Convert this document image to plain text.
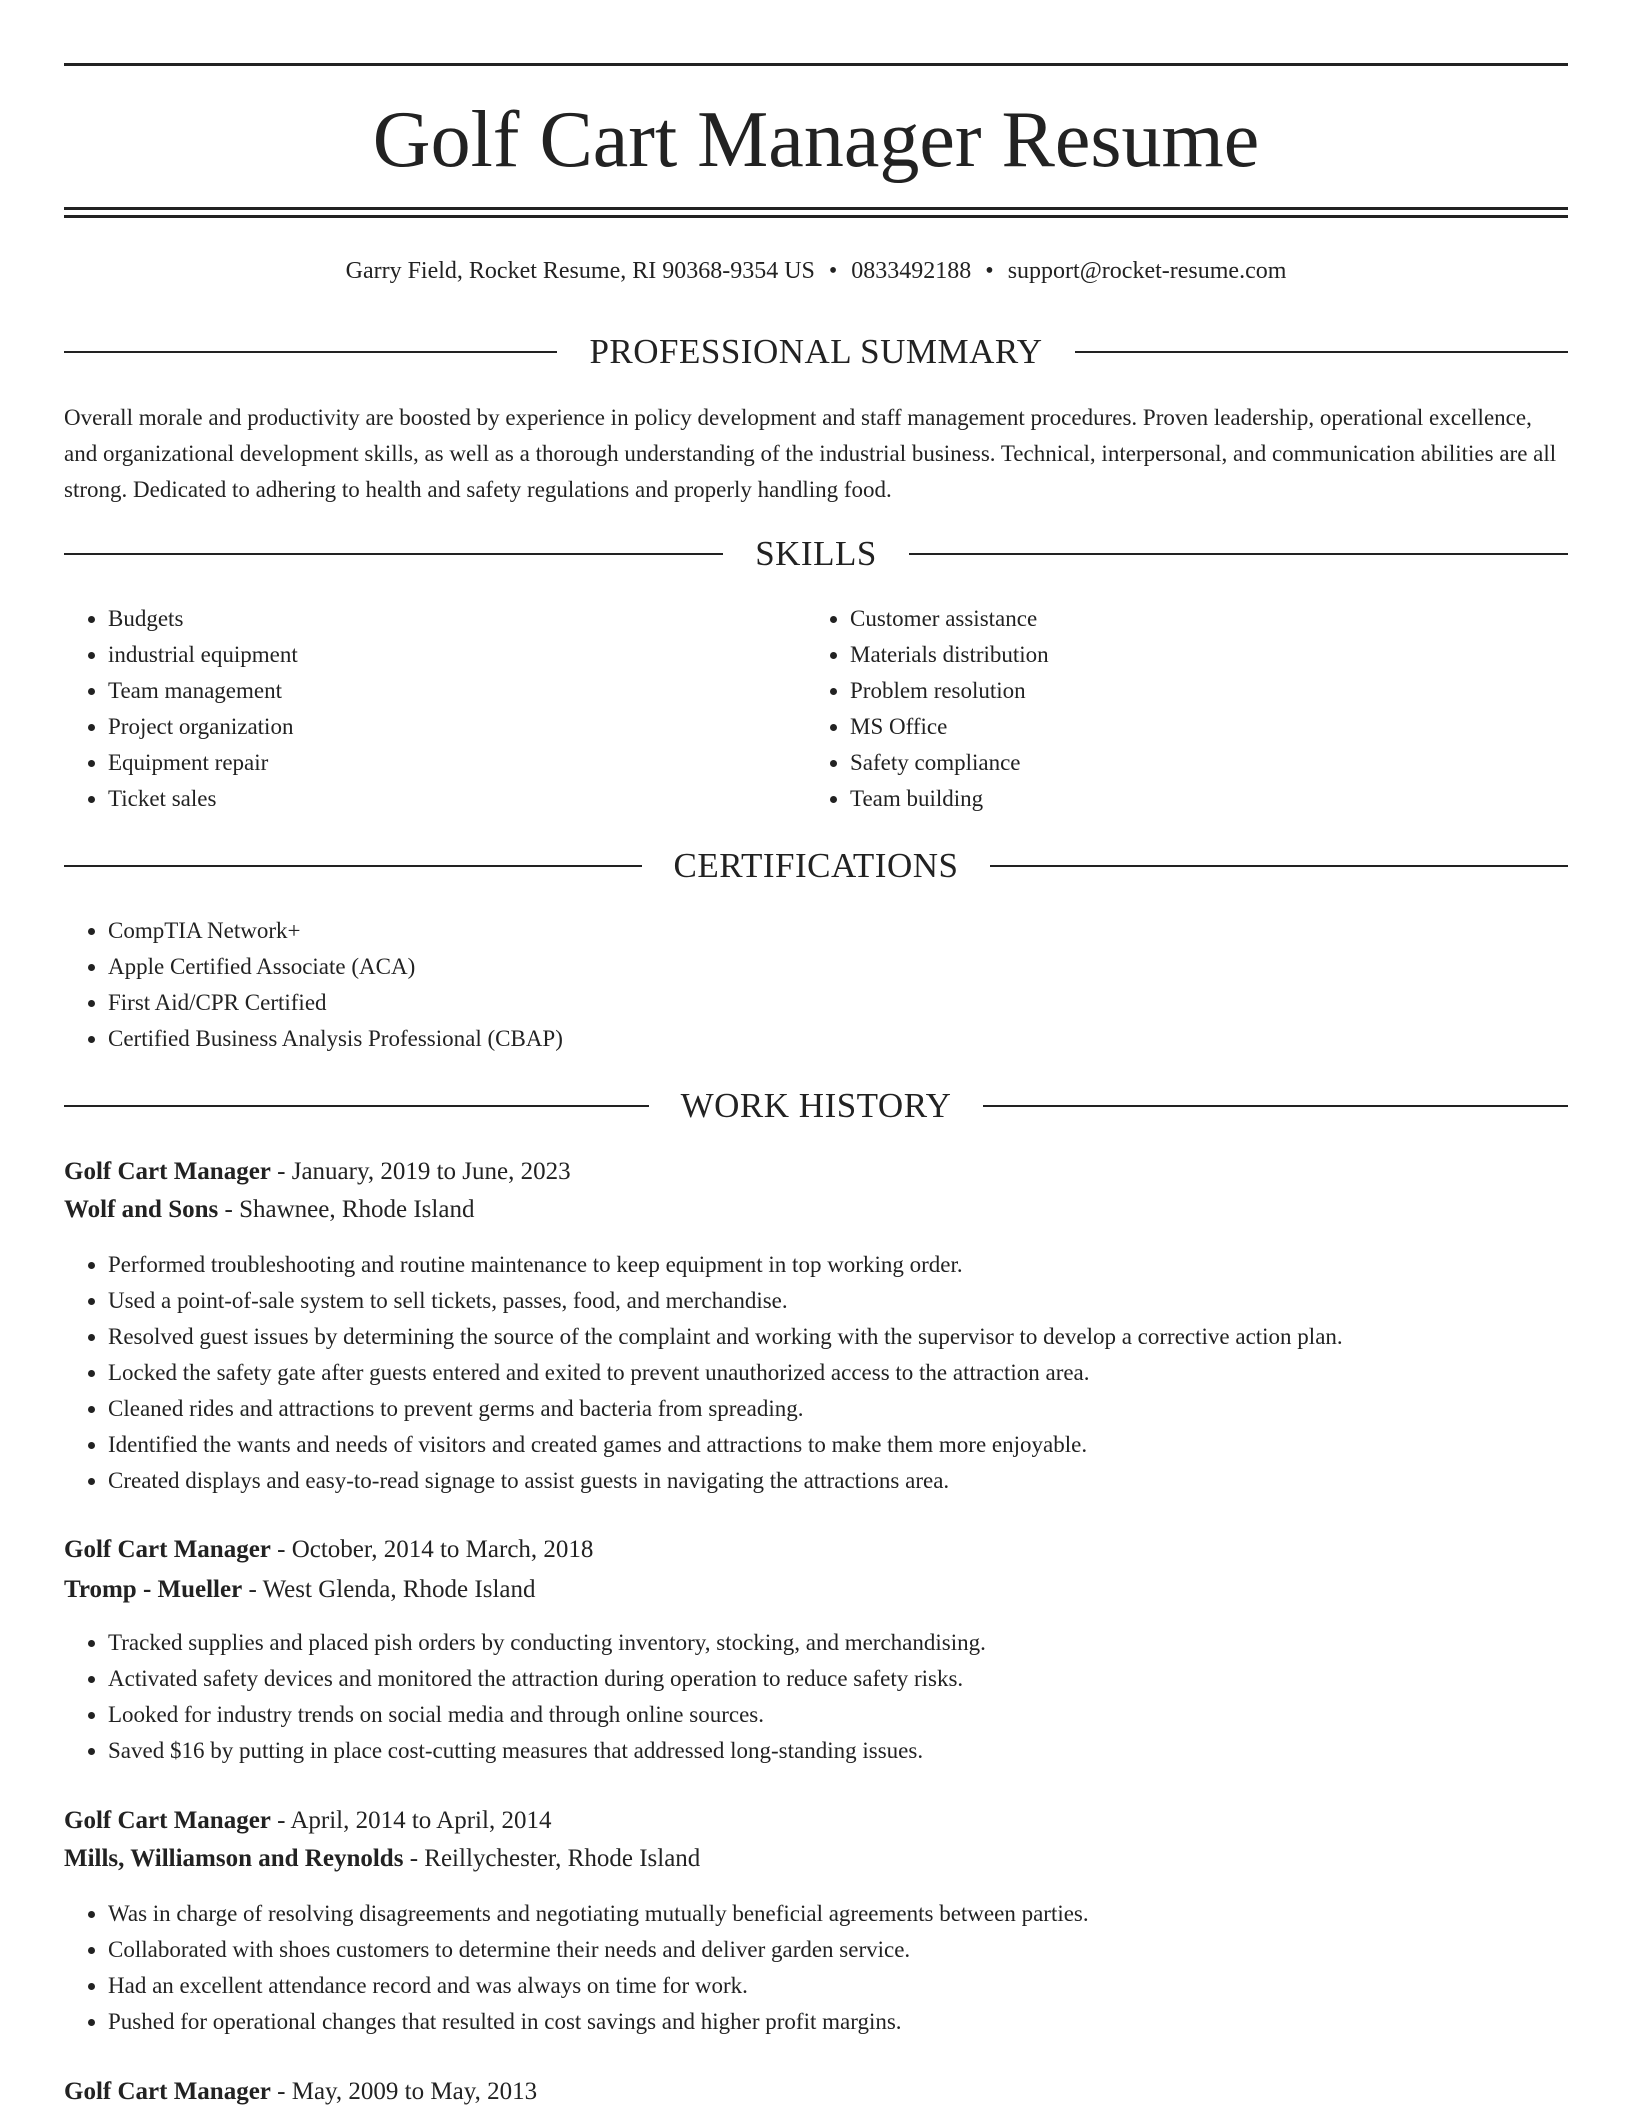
Golf Cart Manager Resume
Garry Field, Rocket Resume, RI 90368-9354 US • 0833492188 • support@rocket-resume.com
PROFESSIONAL SUMMARY

Overall morale and productivity are boosted by experience in policy development and staff management procedures. Proven leadership, operational excellence, and organizational development skills, as well as a thorough understanding of the industrial business. Technical, interpersonal, and communication abilities are all strong. Dedicated to adhering to health and safety regulations and properly handling food.

SKILLS
• Budgets
• industrial equipment
• Team management
• Project organization
• Equipment repair
• Ticket sales
• Customer assistance
• Materials distribution
• Problem resolution
• MS Office
• Safety compliance
• Team building
CERTIFICATIONS
• CompTIA Network+
• Apple Certified Associate (ACA)
• First Aid/CPR Certified
• Certified Business Analysis Professional (CBAP)
WORK HISTORY
Golf Cart Manager - January, 2019 to June, 2023
Wolf and Sons - Shawnee, Rhode Island
• Performed troubleshooting and routine maintenance to keep equipment in top working order.
• Used a point-of-sale system to sell tickets, passes, food, and merchandise.
• Resolved guest issues by determining the source of the complaint and working with the supervisor to develop a corrective action plan.
• Locked the safety gate after guests entered and exited to prevent unauthorized access to the attraction area.
• Cleaned rides and attractions to prevent germs and bacteria from spreading.
• Identified the wants and needs of visitors and created games and attractions to make them more enjoyable.
• Created displays and easy-to-read signage to assist guests in navigating the attractions area.
Golf Cart Manager - October, 2014 to March, 2018
Tromp - Mueller - West Glenda, Rhode Island
• Tracked supplies and placed pish orders by conducting inventory, stocking, and merchandising.
• Activated safety devices and monitored the attraction during operation to reduce safety risks.
• Looked for industry trends on social media and through online sources.
• Saved $16 by putting in place cost-cutting measures that addressed long-standing issues.
Golf Cart Manager - April, 2014 to April, 2014
Mills, Williamson and Reynolds - Reillychester, Rhode Island
• Was in charge of resolving disagreements and negotiating mutually beneficial agreements between parties.
• Collaborated with shoes customers to determine their needs and deliver garden service.
• Had an excellent attendance record and was always on time for work.
• Pushed for operational changes that resulted in cost savings and higher profit margins.
Golf Cart Manager - May, 2009 to May, 2013
